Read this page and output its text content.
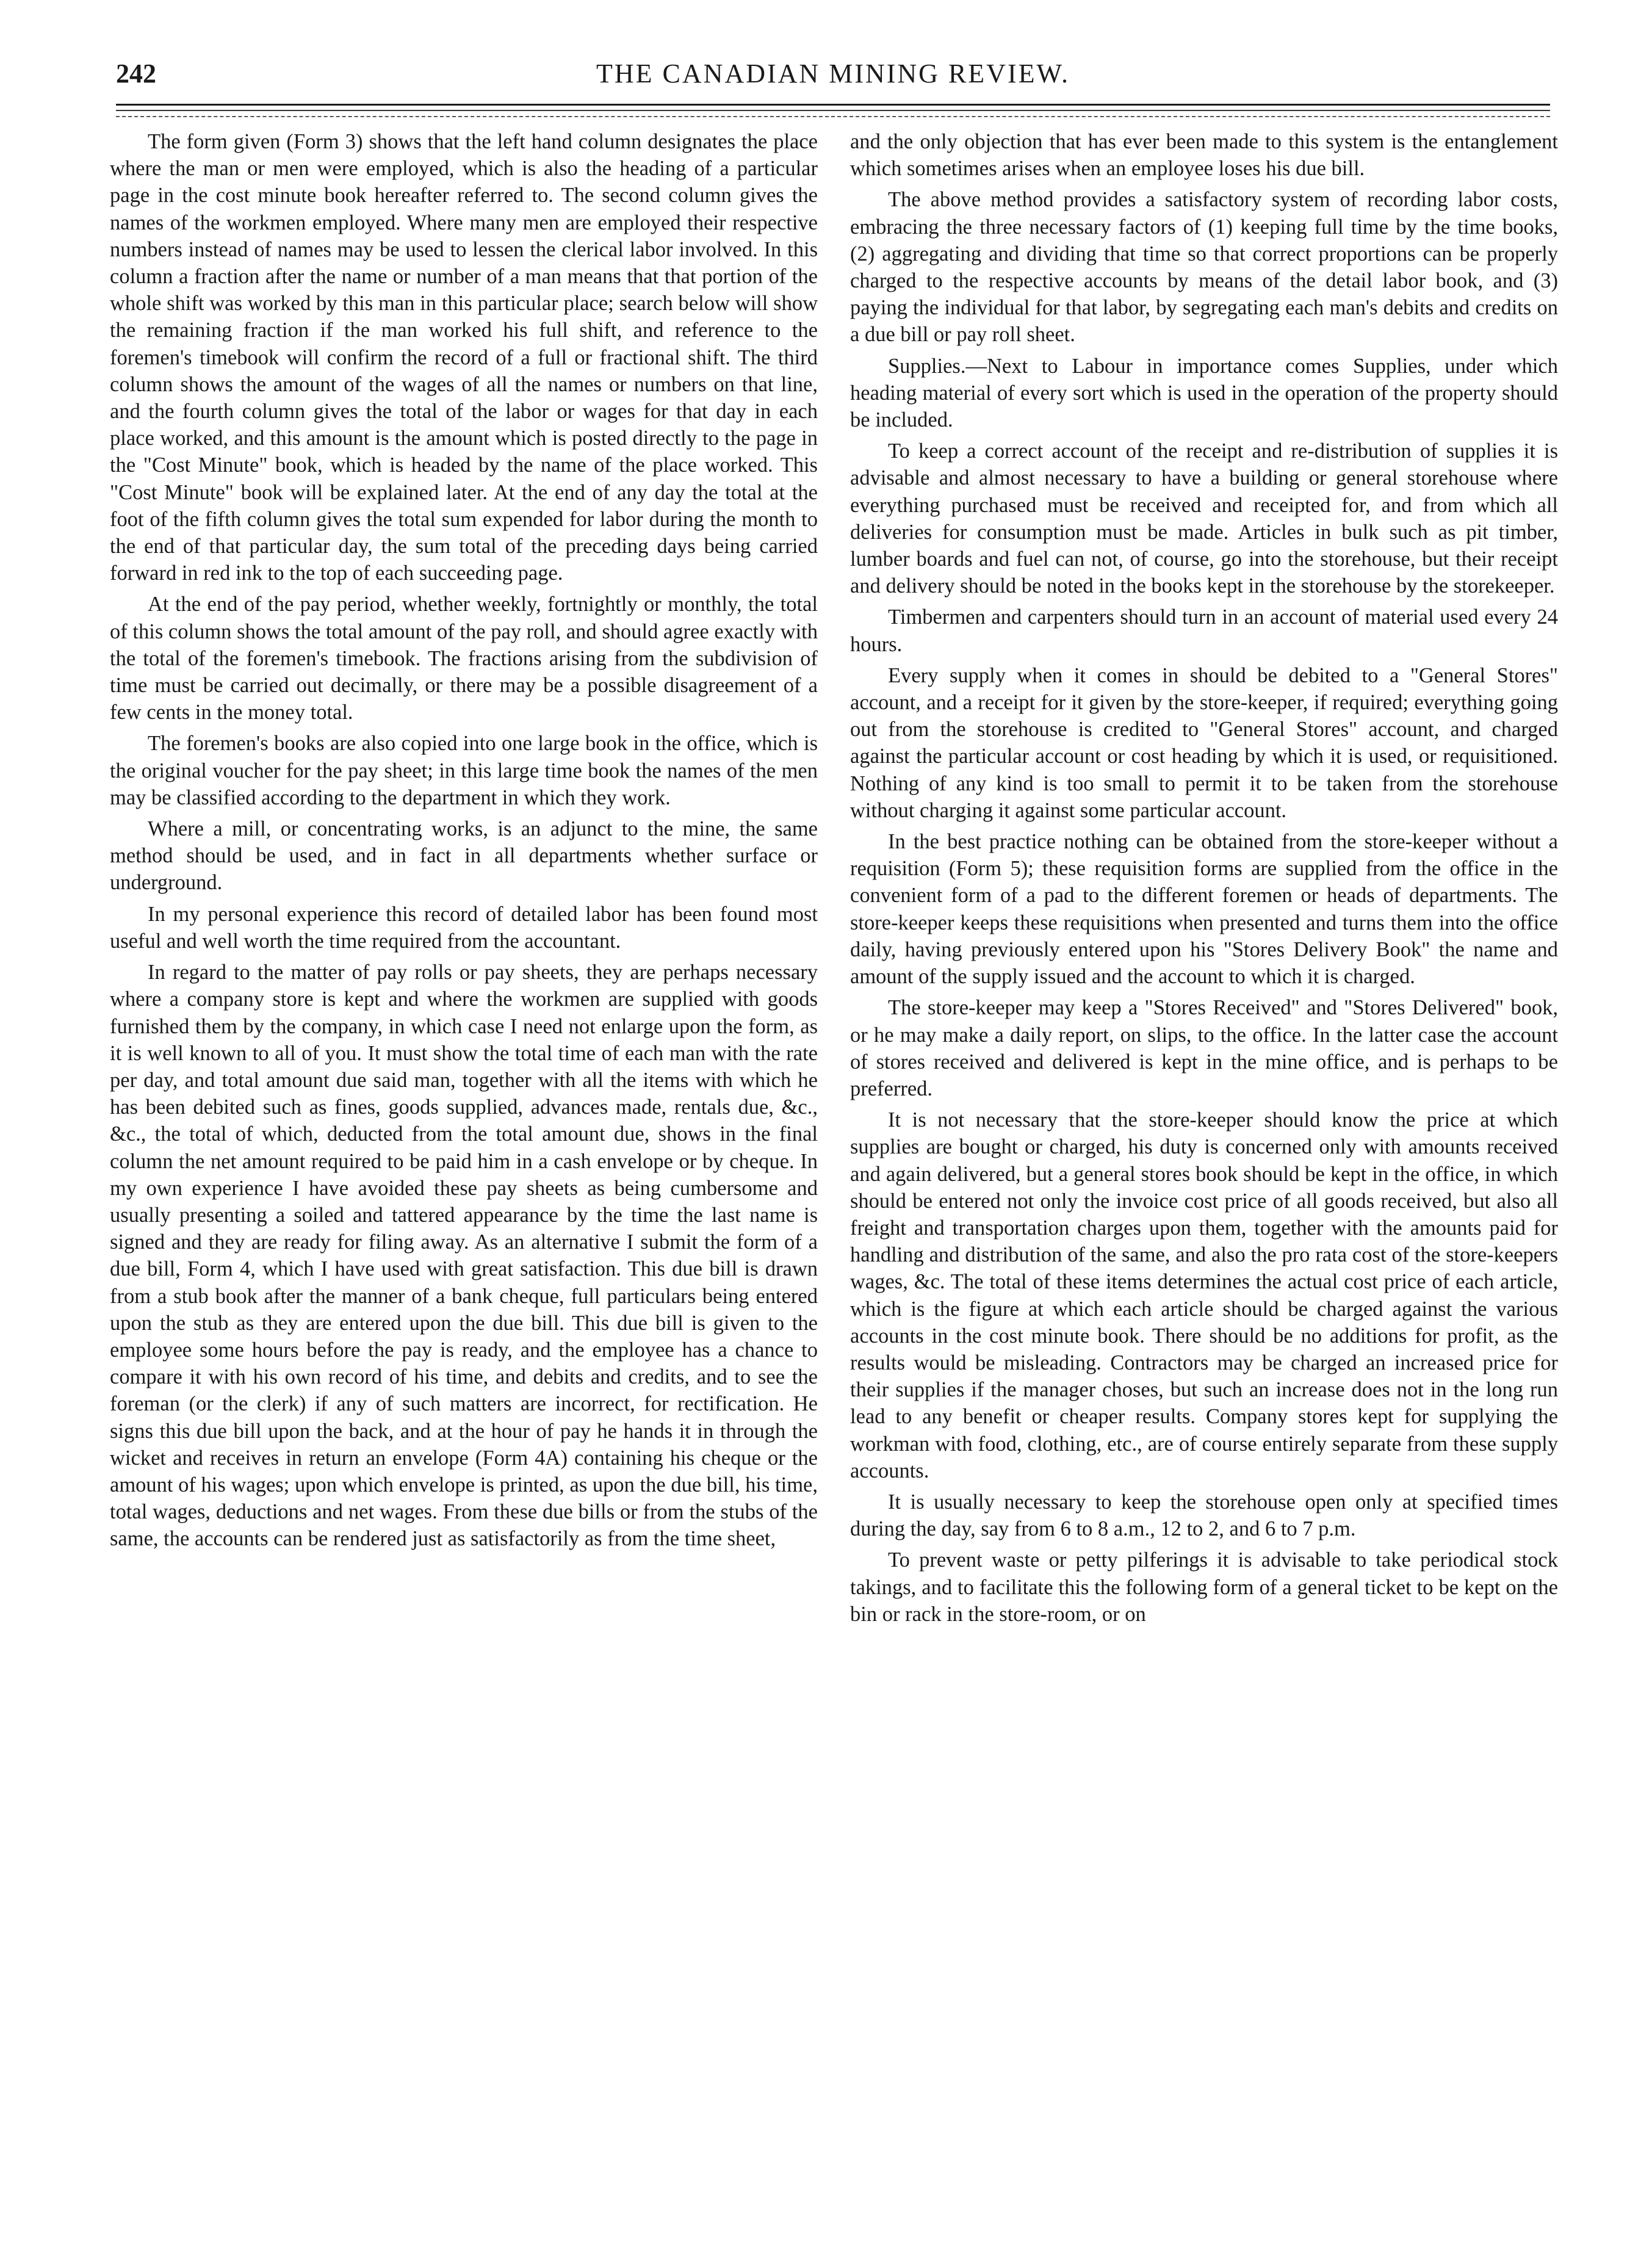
242	THE CANADIAN MINING REVIEW.

The form given (Form 3) shows that the left hand column designates the place where the man or men were employed, which is also the heading of a particular page in the cost minute book hereafter referred to. The second column gives the names of the workmen employed. Where many men are employed their respective numbers instead of names may be used to lessen the clerical labor involved. In this column a fraction after the name or number of a man means that that portion of the whole shift was worked by this man in this particular place; search below will show the remaining fraction if the man worked his full shift, and reference to the foremen's timebook will confirm the record of a full or fractional shift. The third column shows the amount of the wages of all the names or numbers on that line, and the fourth column gives the total of the labor or wages for that day in each place worked, and this amount is the amount which is posted directly to the page in the "Cost Minute" book, which is headed by the name of the place worked. This "Cost Minute" book will be explained later. At the end of any day the total at the foot of the fifth column gives the total sum expended for labor during the month to the end of that particular day, the sum total of the preceding days being carried forward in red ink to the top of each succeeding page.

At the end of the pay period, whether weekly, fortnightly or monthly, the total of this column shows the total amount of the pay roll, and should agree exactly with the total of the foremen's timebook. The fractions arising from the subdivision of time must be carried out decimally, or there may be a possible disagreement of a few cents in the money total.

The foremen's books are also copied into one large book in the office, which is the original voucher for the pay sheet; in this large time book the names of the men may be classified according to the department in which they work.

Where a mill, or concentrating works, is an adjunct to the mine, the same method should be used, and in fact in all departments whether surface or underground.

In my personal experience this record of detailed labor has been found most useful and well worth the time required from the accountant.

In regard to the matter of pay rolls or pay sheets, they are perhaps necessary where a company store is kept and where the workmen are supplied with goods furnished them by the company, in which case I need not enlarge upon the form, as it is well known to all of you. It must show the total time of each man with the rate per day, and total amount due said man, together with all the items with which he has been debited such as fines, goods supplied, advances made, rentals due, &c., &c., the total of which, deducted from the total amount due, shows in the final column the net amount required to be paid him in a cash envelope or by cheque. In my own experience I have avoided these pay sheets as being cumbersome and usually presenting a soiled and tattered appearance by the time the last name is signed and they are ready for filing away. As an alternative I submit the form of a due bill, Form 4, which I have used with great satisfaction. This due bill is drawn from a stub book after the manner of a bank cheque, full particulars being entered upon the stub as they are entered upon the due bill. This due bill is given to the employee some hours before the pay is ready, and the employee has a chance to compare it with his own record of his time, and debits and credits, and to see the foreman (or the clerk) if any of such matters are incorrect, for rectification. He signs this due bill upon the back, and at the hour of pay he hands it in through the wicket and receives in return an envelope (Form 4A) containing his cheque or the amount of his wages; upon which envelope is printed, as upon the due bill, his time, total wages, deductions and net wages. From these due bills or from the stubs of the same, the accounts can be rendered just as satisfactorily as from the time sheet,

and the only objection that has ever been made to this system is the entanglement which sometimes arises when an employee loses his due bill.

The above method provides a satisfactory system of recording labor costs, embracing the three necessary factors of (1) keeping full time by the time books, (2) aggregating and dividing that time so that correct proportions can be properly charged to the respective accounts by means of the detail labor book, and (3) paying the individual for that labor, by segregating each man's debits and credits on a due bill or pay roll sheet.

Supplies.—Next to Labour in importance comes Supplies, under which heading material of every sort which is used in the operation of the property should be included.

To keep a correct account of the receipt and re-distribution of supplies it is advisable and almost necessary to have a building or general storehouse where everything purchased must be received and receipted for, and from which all deliveries for consumption must be made. Articles in bulk such as pit timber, lumber boards and fuel can not, of course, go into the storehouse, but their receipt and delivery should be noted in the books kept in the storehouse by the storekeeper.

Timbermen and carpenters should turn in an account of material used every 24 hours.

Every supply when it comes in should be debited to a "General Stores" account, and a receipt for it given by the store-keeper, if required; everything going out from the storehouse is credited to "General Stores" account, and charged against the particular account or cost heading by which it is used, or requisitioned. Nothing of any kind is too small to permit it to be taken from the storehouse without charging it against some particular account.

In the best practice nothing can be obtained from the store-keeper without a requisition (Form 5); these requisition forms are supplied from the office in the convenient form of a pad to the different foremen or heads of departments. The store-keeper keeps these requisitions when presented and turns them into the office daily, having previously entered upon his "Stores Delivery Book" the name and amount of the supply issued and the account to which it is charged.

The store-keeper may keep a "Stores Received" and "Stores Delivered" book, or he may make a daily report, on slips, to the office. In the latter case the account of stores received and delivered is kept in the mine office, and is perhaps to be preferred.

It is not necessary that the store-keeper should know the price at which supplies are bought or charged, his duty is concerned only with amounts received and again delivered, but a general stores book should be kept in the office, in which should be entered not only the invoice cost price of all goods received, but also all freight and transportation charges upon them, together with the amounts paid for handling and distribution of the same, and also the pro rata cost of the store-keepers wages, &c. The total of these items determines the actual cost price of each article, which is the figure at which each article should be charged against the various accounts in the cost minute book. There should be no additions for profit, as the results would be misleading. Contractors may be charged an increased price for their supplies if the manager choses, but such an increase does not in the long run lead to any benefit or cheaper results. Company stores kept for supplying the workman with food, clothing, etc., are of course entirely separate from these supply accounts.

It is usually necessary to keep the storehouse open only at specified times during the day, say from 6 to 8 a.m., 12 to 2, and 6 to 7 p.m.

To prevent waste or petty pilferings it is advisable to take periodical stock takings, and to facilitate this the following form of a general ticket to be kept on the bin or rack in the store-room, or on
